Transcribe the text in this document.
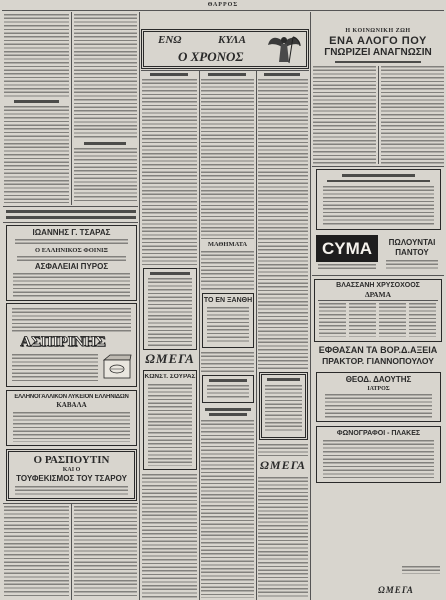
ΘΑΡΡΟΣ
ΙΩΑΝΝΗΣ Γ. ΤΣΑΡΑΣ
Ο ΕΛΛΗΝΙΚΟΣ ΦΟΙΝΙΞ
ΑΣΦΑΛΕΙΑΙ ΠΥΡΟΣ
ΑΣΠΙΡΙΝΗΣ
ΕΛΛΗΝΟΓΑΛΛΙΚΟΝ ΛΥΚΕΙΟΝ ΕΛΛΗΝΙΔΩΝ
ΚΑΒΑΛΑ
Ο ΡΑΣΠΟΥΤΙΝ
ΚΑΙ Ο
ΤΟΥΦΕΚΙΣΜΟΣ ΤΟΥ ΤΣΑΡΟΥ
ΕΝΩ	ΚΥΛΑ
Ο ΧΡΟΝΟΣ
ΩΜΕΓΑ
ΚΩΝΣΤ. ΣΟΥΡΑΣ
ΜΑΘΗΜΑΤΑ
ΤΟ ΕΝ ΞΑΝΘΗ
ΩΜΕΓΑ
Η ΚΟΙΝΩΝΙΚΗ ΖΩΗ
ΕΝΑ ΑΛΟΓΟ ΠΟΥ
ΓΝΩΡΙΖΕΙ ΑΝΑΓΝΩΣΙΝ
CYMA	ΠΩΛΟΥΝΤΑΙ
ΠΑΝΤΟΥ
ΒΛΑΣΣΑΝΗ ΧΡΥΣΟΧΟΟΣ
ΔΡΑΜΑ
ΕΦΘΑΣΑΝ ΤΑ ΒΟΡ.Δ.ΑΞΕΙΑ
ΠΡΑΚΤΟΡ. ΓΙΑΝΝΟΠΟΥΛΟΥ
ΘΕΟΔ. ΔΑΟΥΤΗΣ
ΙΑΤΡΟΣ
ΦΩΝΟΓΡΑΦΟΙ - ΠΛΑΚΕΣ
ΩΜΕΓΑ
